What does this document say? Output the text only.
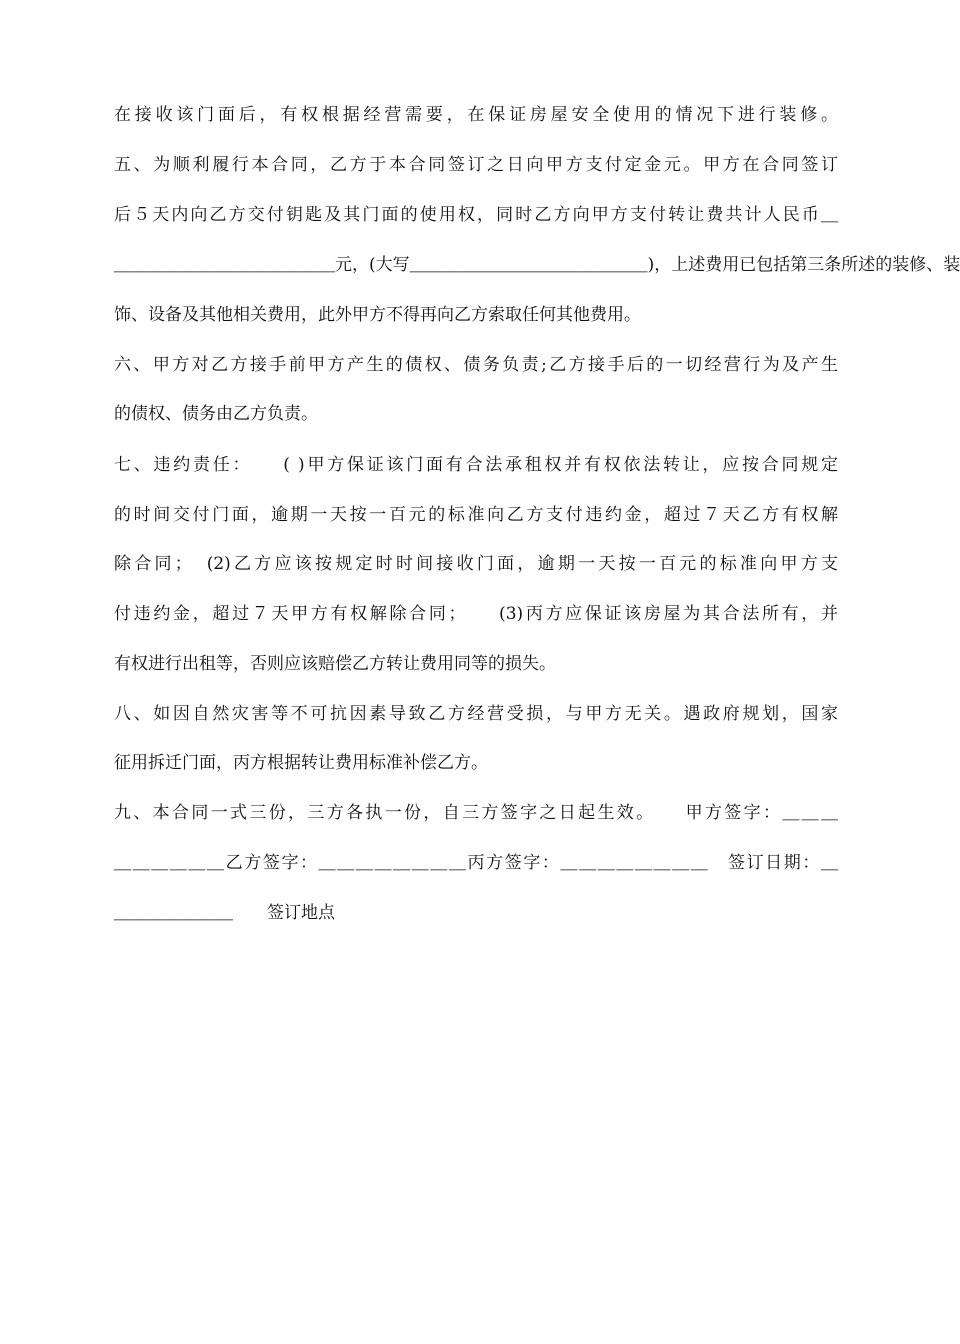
在接收该门面后，有权根据经营需要，在保证房屋安全使用的情况下进行装修。
五、为顺利履行本合同，乙方于本合同签订之日向甲方支付定金元。甲方在合同签订
后５天内向乙方交付钥匙及其门面的使用权，同时乙方向甲方支付转让费共计人民币＿
＿＿＿＿＿＿＿＿＿＿＿＿＿元，(大写＿＿＿＿＿＿＿＿＿＿＿＿＿＿)，上述费用已包括第三条所述的装修、装
饰、设备及其他相关费用，此外甲方不得再向乙方索取任何其他费用。
六、甲方对乙方接手前甲方产生的债权、债务负责;乙方接手后的一切经营行为及产生
的债权、债务由乙方负责。
七、违约责任：　　( )甲方保证该门面有合法承租权并有权依法转让，应按合同规定
的时间交付门面，逾期一天按一百元的标准向乙方支付违约金，超过７天乙方有权解
除合同；　(2)乙方应该按规定时时间接收门面，逾期一天按一百元的标准向甲方支
付违约金，超过７天甲方有权解除合同；　　(3)丙方应保证该房屋为其合法所有，并
有权进行出租等，否则应该赔偿乙方转让费用同等的损失。
八、如因自然灾害等不可抗因素导致乙方经营受损，与甲方无关。遇政府规划，国家
征用拆迁门面，丙方根据转让费用标准补偿乙方。
九、本合同一式三份，三方各执一份，自三方签字之日起生效。　　甲方签字：＿＿＿
＿＿＿＿＿＿乙方签字：＿＿＿＿＿＿＿＿丙方签字：＿＿＿＿＿＿＿＿　签订日期：＿
＿＿＿＿＿＿＿　　签订地点
